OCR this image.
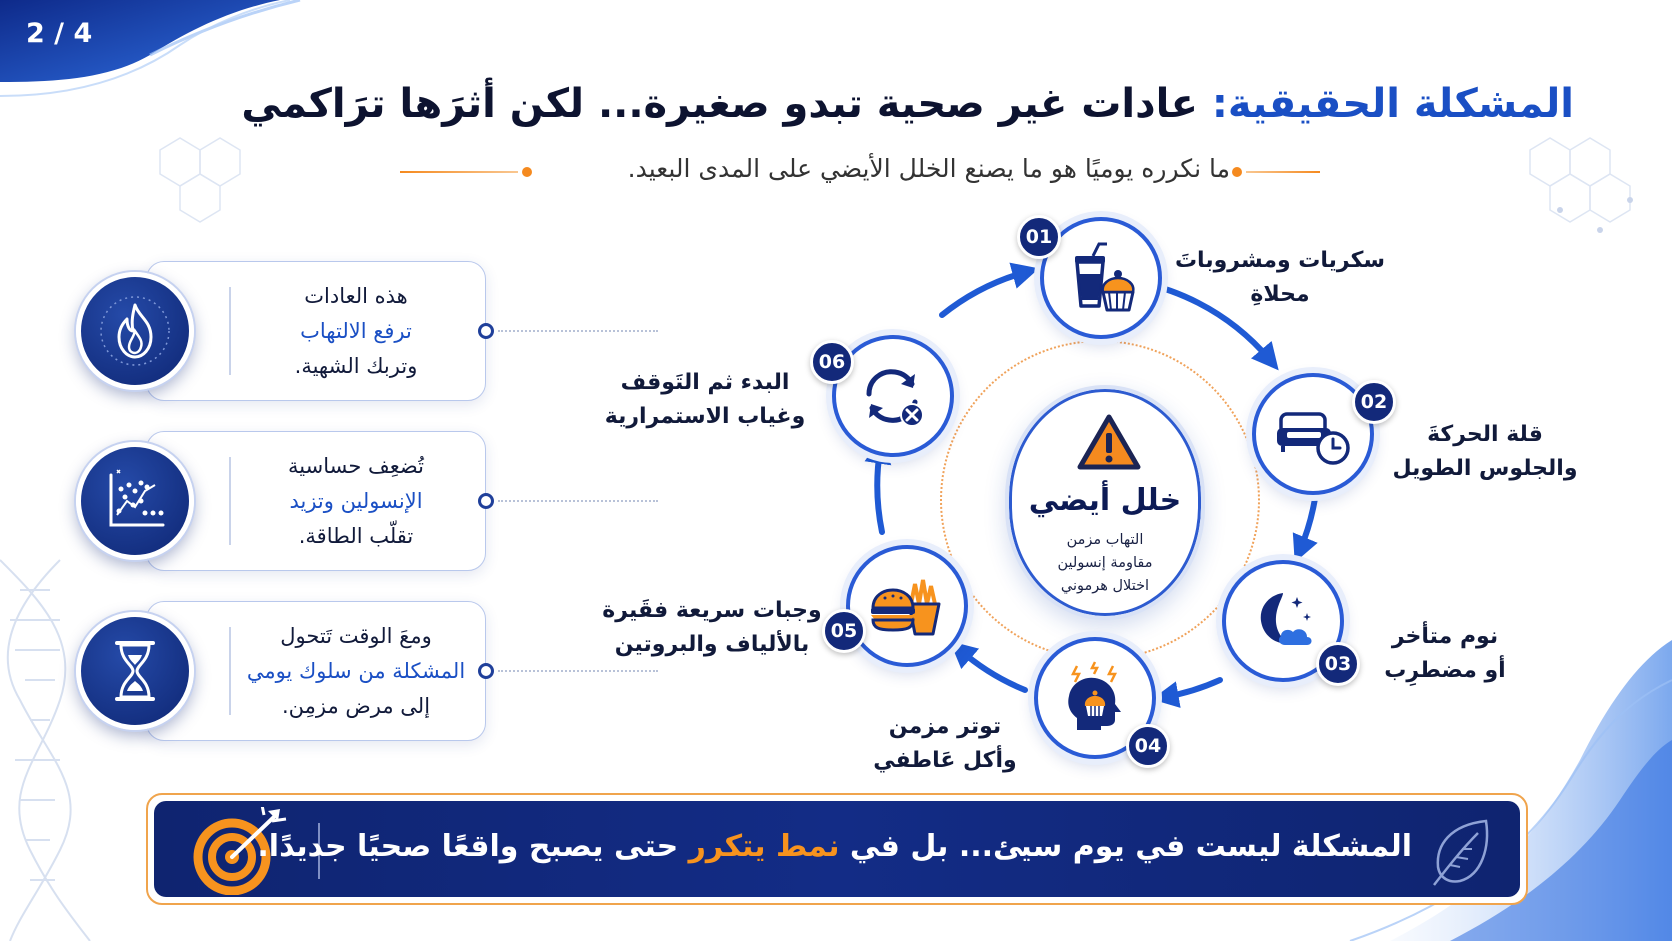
2 / 4
المشكلة الحقيقية: عادات غير صحية تبدو صغيرة... لكن أثرَها ترَاكمي
ما نكرره يوميًا هو ما يصنع الخلل الأيضي على المدى البعيد.
هذه العادات
ترفع الالتهاب
وتربك الشهية.
تُضعِف حساسية
الإنسولين وتزيد
تقلّب الطاقة.
ومعَ الوقت تَتحول
المشكلة من سلوك يومي
إلى مرض مزمِن.
خلل أيضي
التهاب مزمن
مقاومة إنسولين
اختلال هرموني
01
سكريات ومشروباتَ
محلاةِ
02
قلة الحركةَ
والجلوس الطويل
03
نوم متأخر
أو مضطرِب
04
توتر مزمن
وأكل عَاطفي
05
وجبات سريعة فقَيرة
بالألياف والبروتين
06
البدء ثم التَوقف
وغياب الاستمرارية
المشكلة ليست في يوم سيئ... بل في نمط يتكرر حتى يصبح واقعًا صحيًا جديدًا.
